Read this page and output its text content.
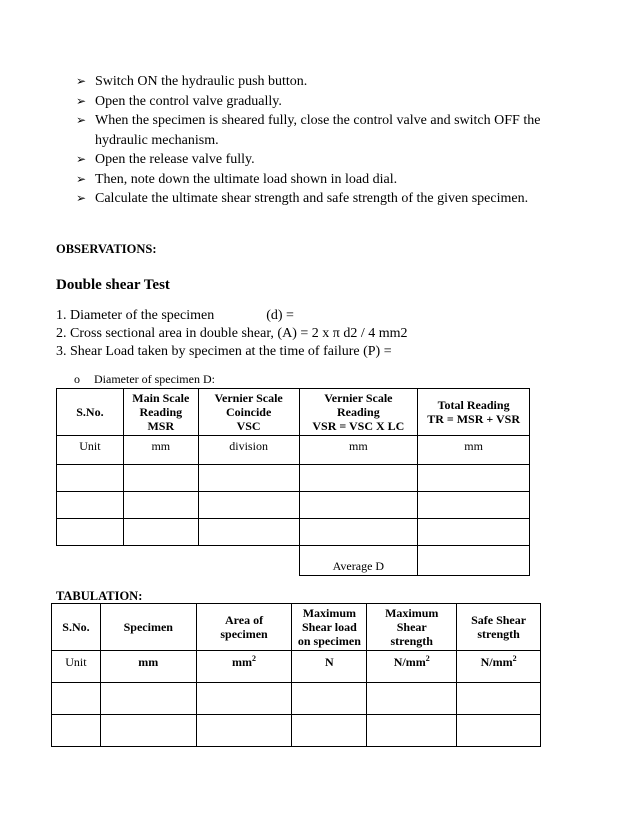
➢ Switch ON the hydraulic push button.
➢ Open the control valve gradually.
➢ When the specimen is sheared fully, close the control valve and switch OFF the hydraulic mechanism.
➢ Open the release valve fully.
➢ Then, note down the ultimate load shown in load dial.
➢ Calculate the ultimate shear strength and safe strength of the given specimen.
OBSERVATIONS:
Double shear Test
1. Diameter of the specimen	(d) =
2. Cross sectional area in double shear, (A) = 2 x π d2 / 4 mm2
3. Shear Load taken by specimen at the time of failure (P) =
o Diameter of specimen D:
S.No.	Main Scale
Reading
MSR	Vernier Scale
Coincide
VSC	Vernier Scale
Reading
VSR = VSC X LC	Total Reading
TR = MSR + VSR
Unit	mm	division	mm	mm

			Average D	
TABULATION:
S.No.	Specimen	Area of
specimen	Maximum
Shear load
on specimen	Maximum
Shear
strength	Safe Shear
strength
Unit	mm	$mm^2$	N	$N/mm^2$	$N/mm^2$
